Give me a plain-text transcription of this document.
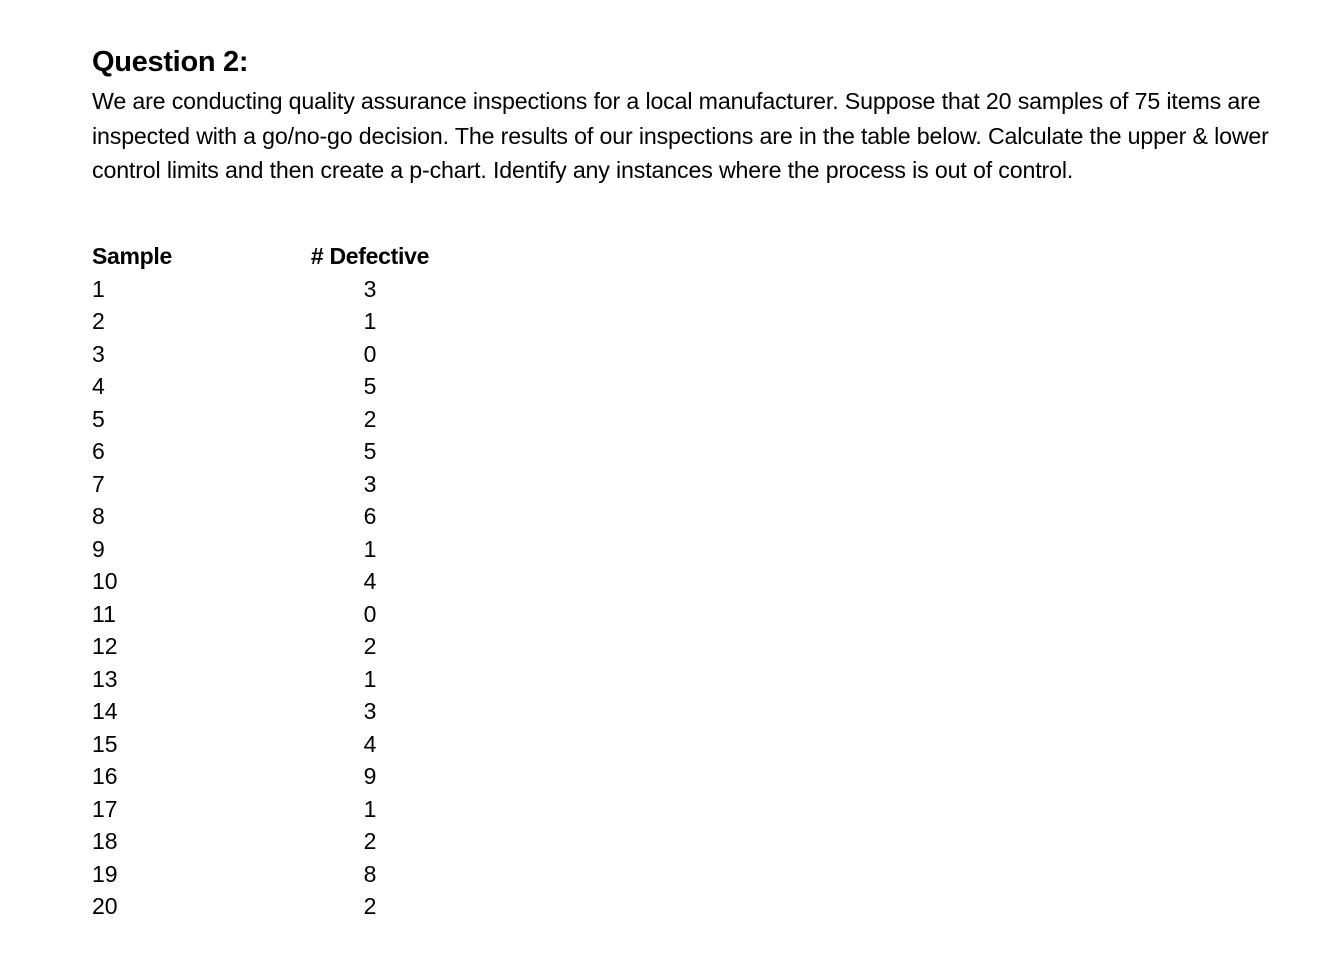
Question 2:

We are conducting quality assurance inspections for a local manufacturer. Suppose that 20 samples of 75 items are inspected with a go/no-go decision. The results of our inspections are in the table below. Calculate the upper & lower control limits and then create a p-chart. Identify any instances where the process is out of control.

Sample	# Defective
1	3
2	1
3	0
4	5
5	2
6	5
7	3
8	6
9	1
10	4
11	0
12	2
13	1
14	3
15	4
16	9
17	1
18	2
19	8
20	2
